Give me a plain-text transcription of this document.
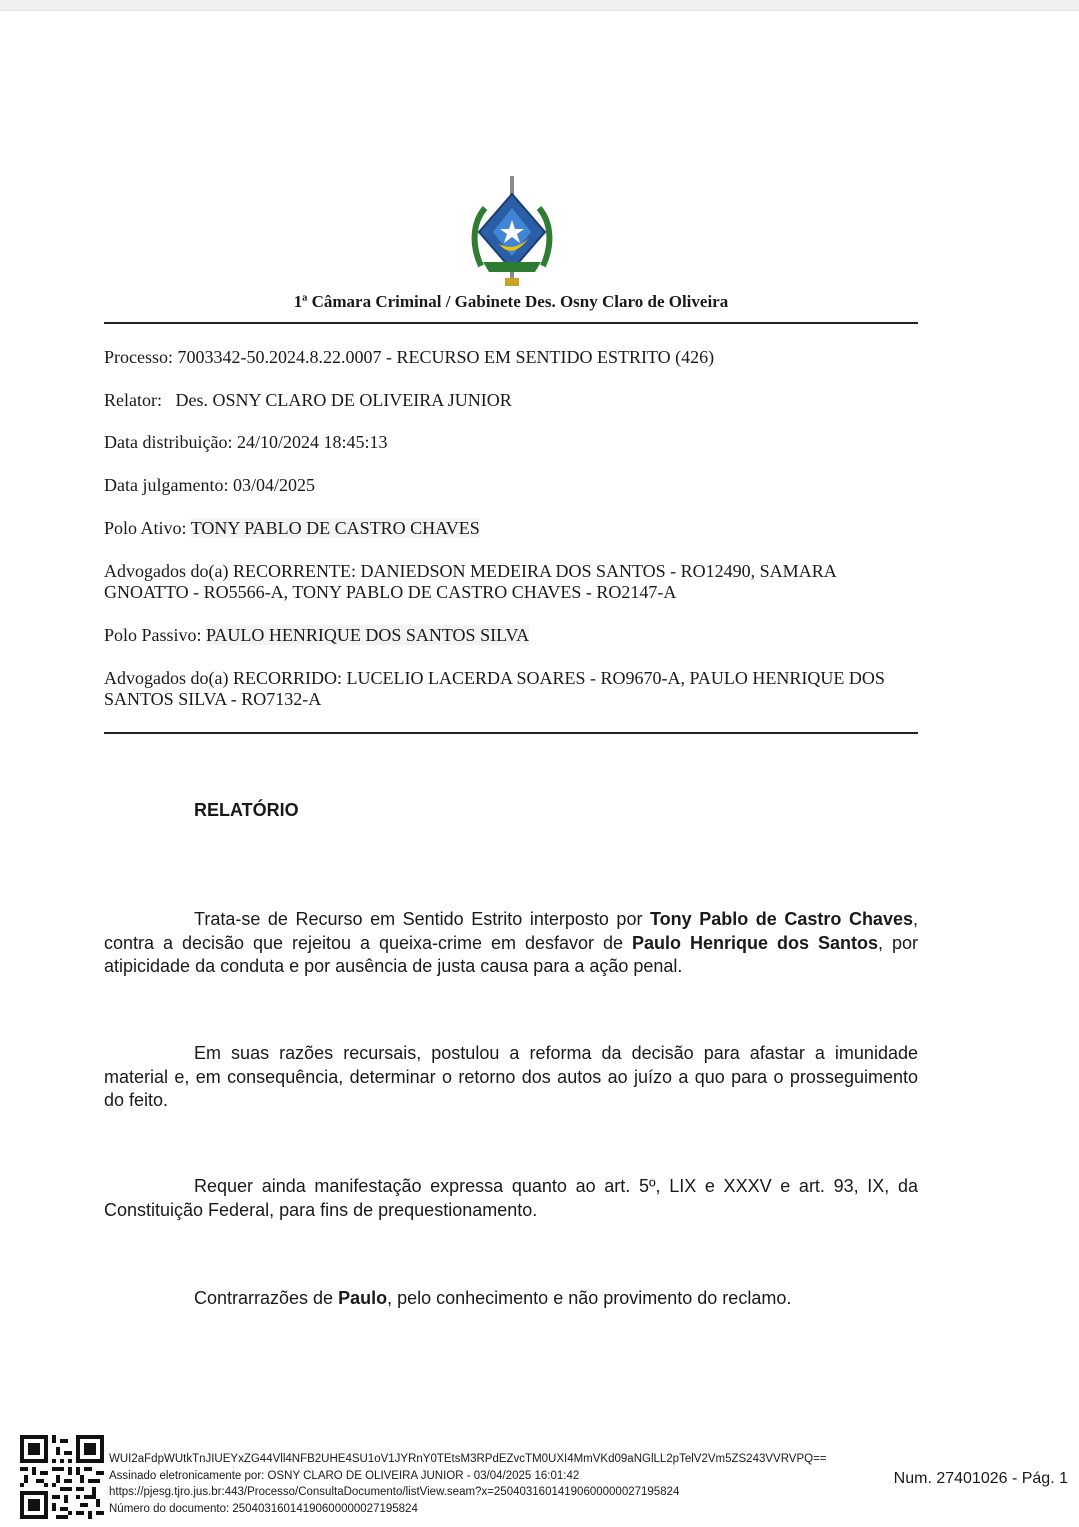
1ª Câmara Criminal / Gabinete Des. Osny Claro de Oliveira
Processo: 7003342-50.2024.8.22.0007 - RECURSO EM SENTIDO ESTRITO (426)
Relator: Des. OSNY CLARO DE OLIVEIRA JUNIOR
Data distribuição: 24/10/2024 18:45:13
Data julgamento: 03/04/2025
Polo Ativo: TONY PABLO DE CASTRO CHAVES
Advogados do(a) RECORRENTE: DANIEDSON MEDEIRA DOS SANTOS - RO12490, SAMARA GNOATTO - RO5566-A, TONY PABLO DE CASTRO CHAVES - RO2147-A
Polo Passivo: PAULO HENRIQUE DOS SANTOS SILVA
Advogados do(a) RECORRIDO: LUCELIO LACERDA SOARES - RO9670-A, PAULO HENRIQUE DOS SANTOS SILVA - RO7132-A
RELATÓRIO

Trata-se de Recurso em Sentido Estrito interposto por Tony Pablo de Castro Chaves, contra a decisão que rejeitou a queixa-crime em desfavor de Paulo Henrique dos Santos, por atipicidade da conduta e por ausência de justa causa para a ação penal.

Em suas razões recursais, postulou a reforma da decisão para afastar a imunidade material e, em consequência, determinar o retorno dos autos ao juízo a quo para o prosseguimento do feito.

Requer ainda manifestação expressa quanto ao art. 5º, LIX e XXXV e art. 93, IX, da Constituição Federal, para fins de prequestionamento.

Contrarrazões de Paulo, pelo conhecimento e não provimento do reclamo.

WUI2aFdpWUtkTnJIUEYxZG44Vll4NFB2UHE4SU1oV1JYRnY0TEtsM3RPdEZvcTM0UXI4MmVKd09aNGlLL2pTelV2Vm5ZS243VVRVPQ==
Assinado eletronicamente por: OSNY CLARO DE OLIVEIRA JUNIOR - 03/04/2025 16:01:42
https://pjesg.tjro.jus.br:443/Processo/ConsultaDocumento/listView.seam?x=25040316014190600000027195824
Número do documento: 25040316014190600000027195824
Num. 27401026 - Pág. 1
